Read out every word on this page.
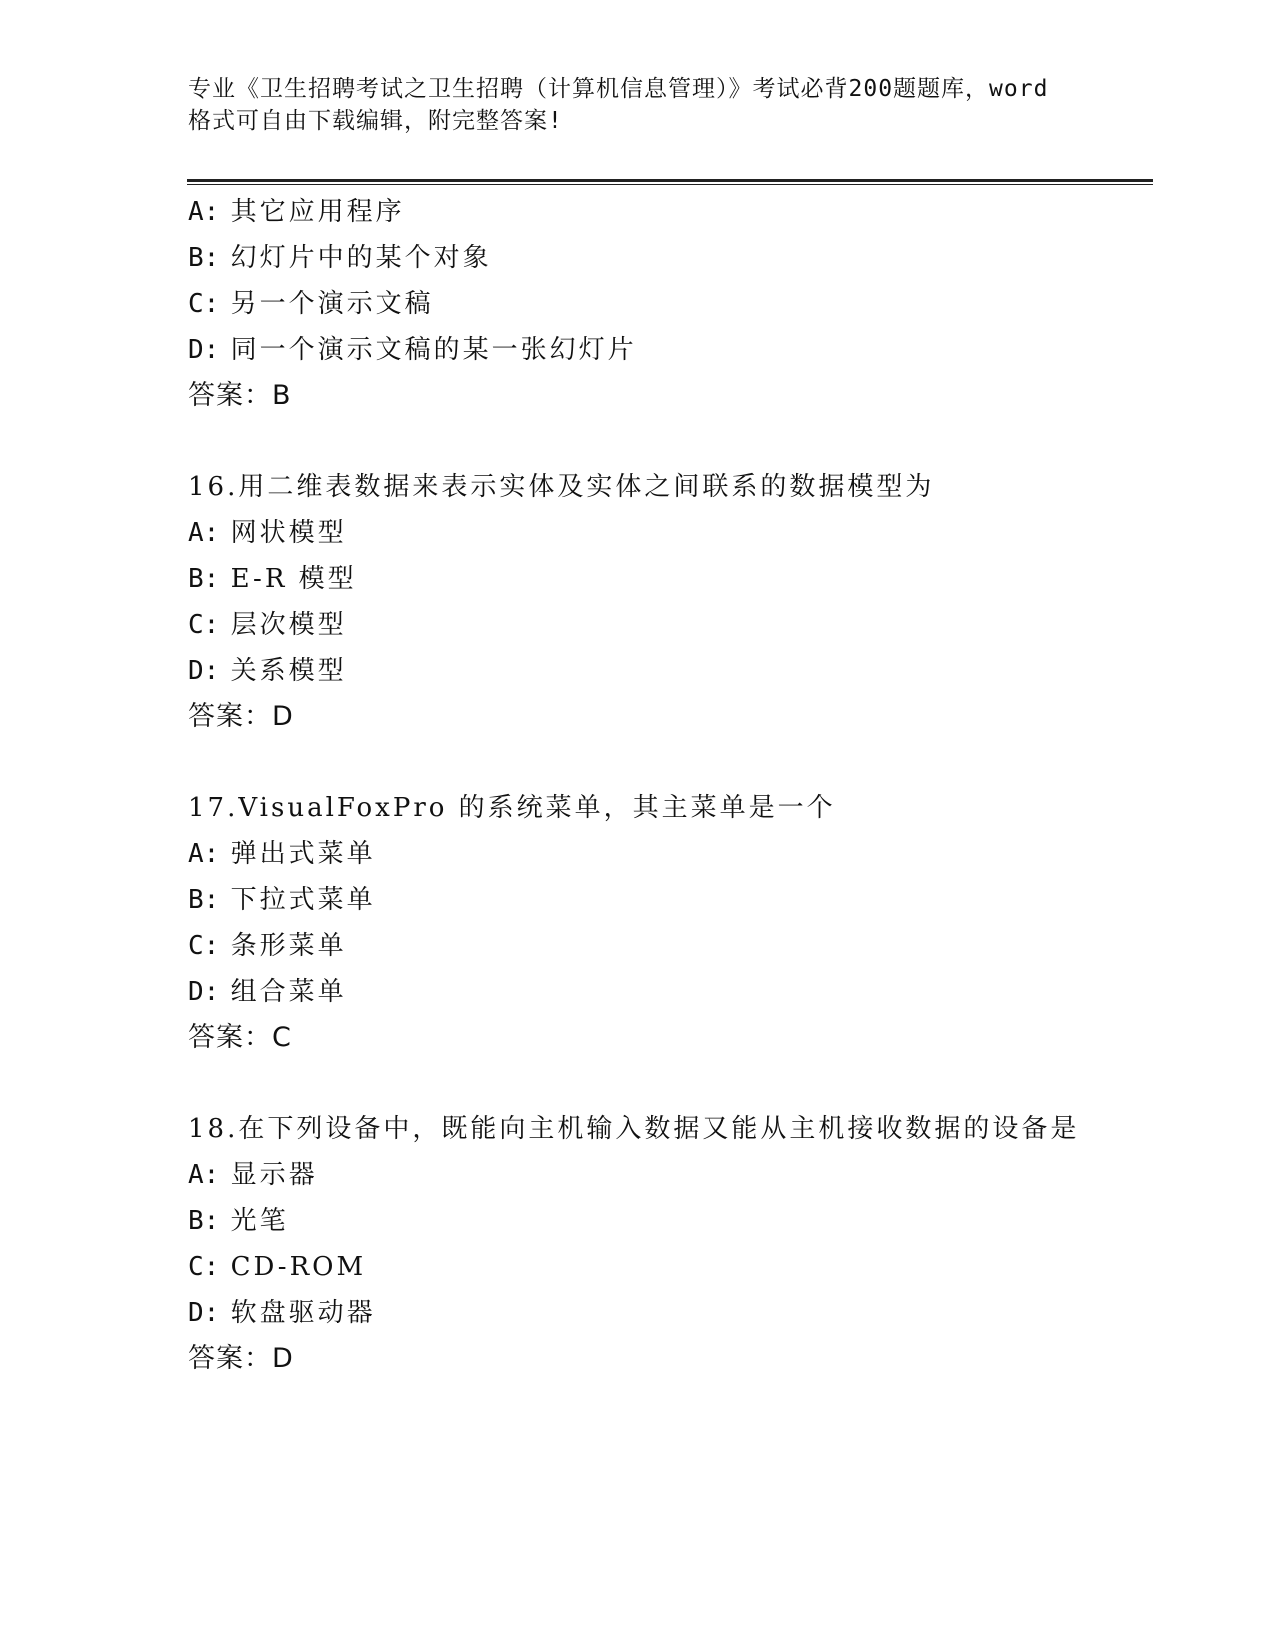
专业《卫生招聘考试之卫生招聘（计算机信息管理）》考试必背200题题库，word
格式可自由下载编辑，附完整答案!
A: 其它应用程序
B: 幻灯片中的某个对象
C: 另一个演示文稿
D: 同一个演示文稿的某一张幻灯片
答案：B
16.用二维表数据来表示实体及实体之间联系的数据模型为
A: 网状模型
B: E-R 模型
C: 层次模型
D: 关系模型
答案：D
17.VisualFoxPro 的系统菜单，其主菜单是一个
A: 弹出式菜单
B: 下拉式菜单
C: 条形菜单
D: 组合菜单
答案：C
18.在下列设备中，既能向主机输入数据又能从主机接收数据的设备是
A: 显示器
B: 光笔
C: CD-ROM
D: 软盘驱动器
答案：D
